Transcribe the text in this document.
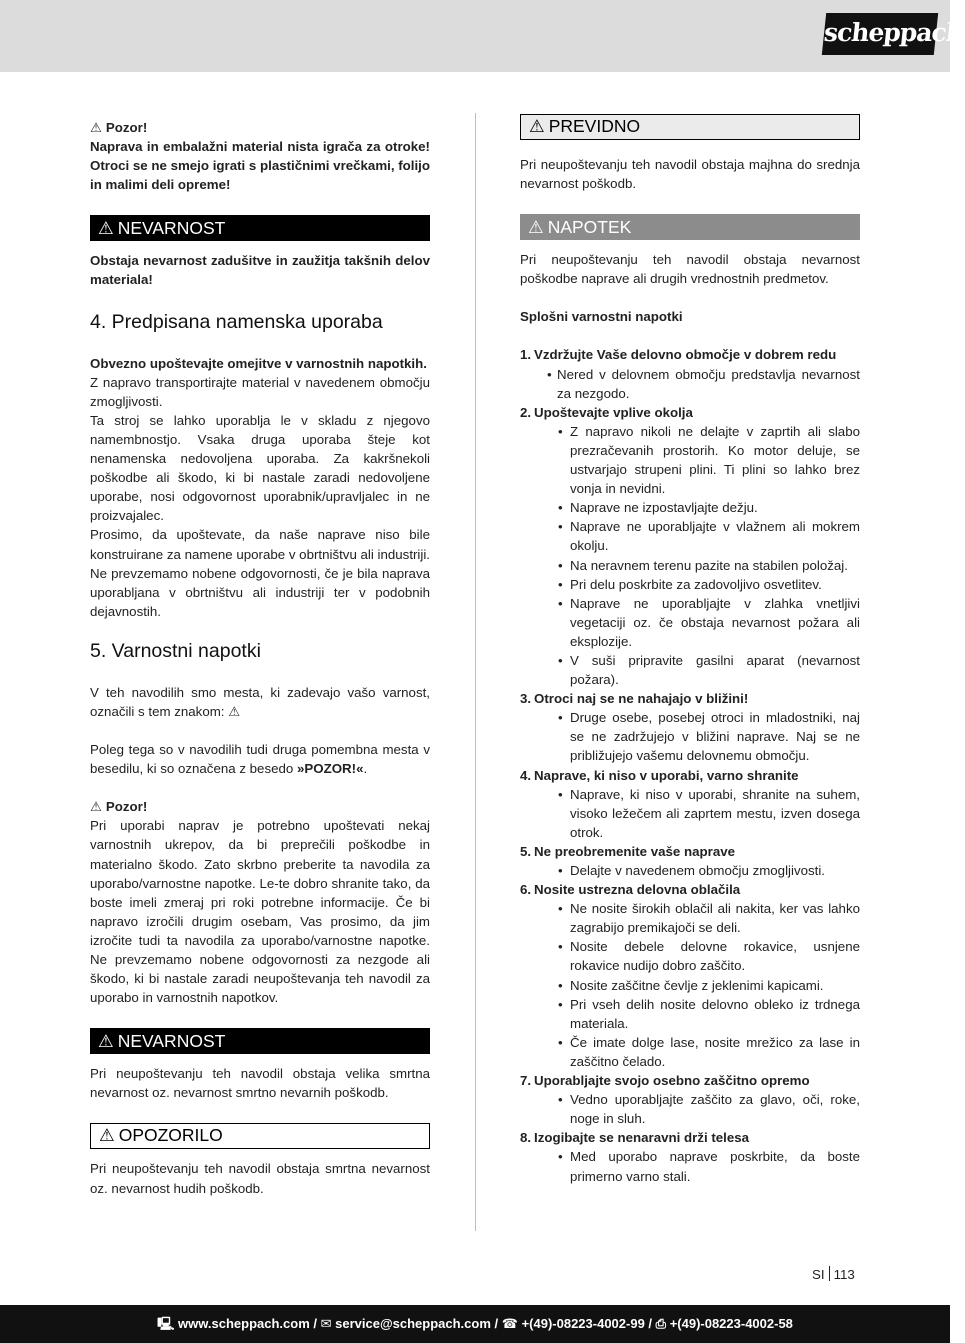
scheppach

⚠ Pozor!

Naprava in embalažni material nista igrača za otroke! Otroci se ne smejo igrati s plastičnimi vrečkami, folijo in malimi deli opreme!

⚠ NEVARNOST

Obstaja nevarnost zadušitve in zaužitja takšnih delov materiala!

4. Predpisana namenska uporaba

Obvezno upoštevajte omejitve v varnostnih napotkih.

Z napravo transportirajte material v navedenem območju zmogljivosti.

Ta stroj se lahko uporablja le v skladu z njegovo namembnostjo. Vsaka druga uporaba šteje kot nenamenska nedovoljena uporaba. Za kakršnekoli poškodbe ali škodo, ki bi nastale zaradi nedovoljene uporabe, nosi odgovornost uporabnik/upravljalec in ne proizvajalec.

Prosimo, da upoštevate, da naše naprave niso bile konstruirane za namene uporabe v obrtništvu ali industriji. Ne prevzemamo nobene odgovornosti, če je bila naprava uporabljana v obrtništvu ali industriji ter v podobnih dejavnostih.

5. Varnostni napotki

V teh navodilih smo mesta, ki zadevajo vašo varnost, označili s tem znakom: ⚠

Poleg tega so v navodilih tudi druga pomembna mesta v besedilu, ki so označena z besedo »POZOR!«.

⚠ Pozor!

Pri uporabi naprav je potrebno upoštevati nekaj varnostnih ukrepov, da bi preprečili poškodbe in materialno škodo. Zato skrbno preberite ta navodila za uporabo/varnostne napotke. Le-te dobro shranite tako, da boste imeli zmeraj pri roki potrebne informacije. Če bi napravo izročili drugim osebam, Vas prosimo, da jim izročite tudi ta navodila za uporabo/varnostne napotke. Ne prevzemamo nobene odgovornosti za nezgode ali škodo, ki bi nastale zaradi neupoštevanja teh navodil za uporabo in varnostnih napotkov.

⚠ NEVARNOST

Pri neupoštevanju teh navodil obstaja velika smrtna nevarnost oz. nevarnost smrtno nevarnih poškodb.

⚠ OPOZORILO

Pri neupoštevanju teh navodil obstaja smrtna nevarnost oz. nevarnost hudih poškodb.

⚠ PREVIDNO

Pri neupoštevanju teh navodil obstaja majhna do srednja nevarnost poškodb.

⚠ NAPOTEK

Pri neupoštevanju teh navodil obstaja nevarnost poškodbe naprave ali drugih vrednostnih predmetov.

Splošni varnostni napotki

1. Vzdržujte Vaše delovno območje v dobrem redu
• Nered v delovnem območju predstavlja nevarnost za nezgodo.
2. Upoštevajte vplive okolja
• Z napravo nikoli ne delajte v zaprtih ali slabo prezračevanih prostorih. Ko motor deluje, se ustvarjajo strupeni plini. Ti plini so lahko brez vonja in nevidni.
• Naprave ne izpostavljajte dežju.
• Naprave ne uporabljajte v vlažnem ali mokrem okolju.
• Na neravnem terenu pazite na stabilen položaj.
• Pri delu poskrbite za zadovoljivo osvetlitev.
• Naprave ne uporabljajte v zlahka vnetljivi vegetaciji oz. če obstaja nevarnost požara ali eksplozije.
• V suši pripravite gasilni aparat (nevarnost požara).
3. Otroci naj se ne nahajajo v bližini!
• Druge osebe, posebej otroci in mladostniki, naj se ne zadržujejo v bližini naprave. Naj se ne približujejo vašemu delovnemu območju.
4. Naprave, ki niso v uporabi, varno shranite
• Naprave, ki niso v uporabi, shranite na suhem, visoko ležečem ali zaprtem mestu, izven dosega otrok.
5. Ne preobremenite vaše naprave
• Delajte v navedenem območju zmogljivosti.
6. Nosite ustrezna delovna oblačila
• Ne nosite širokih oblačil ali nakita, ker vas lahko zagrabijo premikajoči se deli.
• Nosite debele delovne rokavice, usnjene rokavice nudijo dobro zaščito.
• Nosite zaščitne čevlje z jeklenimi kapicami.
• Pri vseh delih nosite delovno obleko iz trdnega materiala.
• Če imate dolge lase, nosite mrežico za lase in zaščitno čelado.
7. Uporabljajte svojo osebno zaščitno opremo
• Vedno uporabljajte zaščito za glavo, oči, roke, noge in sluh.
8. Izogibajte se nenaravni drži telesa
• Med uporabo naprave poskrbite, da boste primerno varno stali.
SI 113
🖳 www.scheppach.com / ✉ service@scheppach.com / ☎ +(49)-08223-4002-99 / ⎙ +(49)-08223-4002-58
